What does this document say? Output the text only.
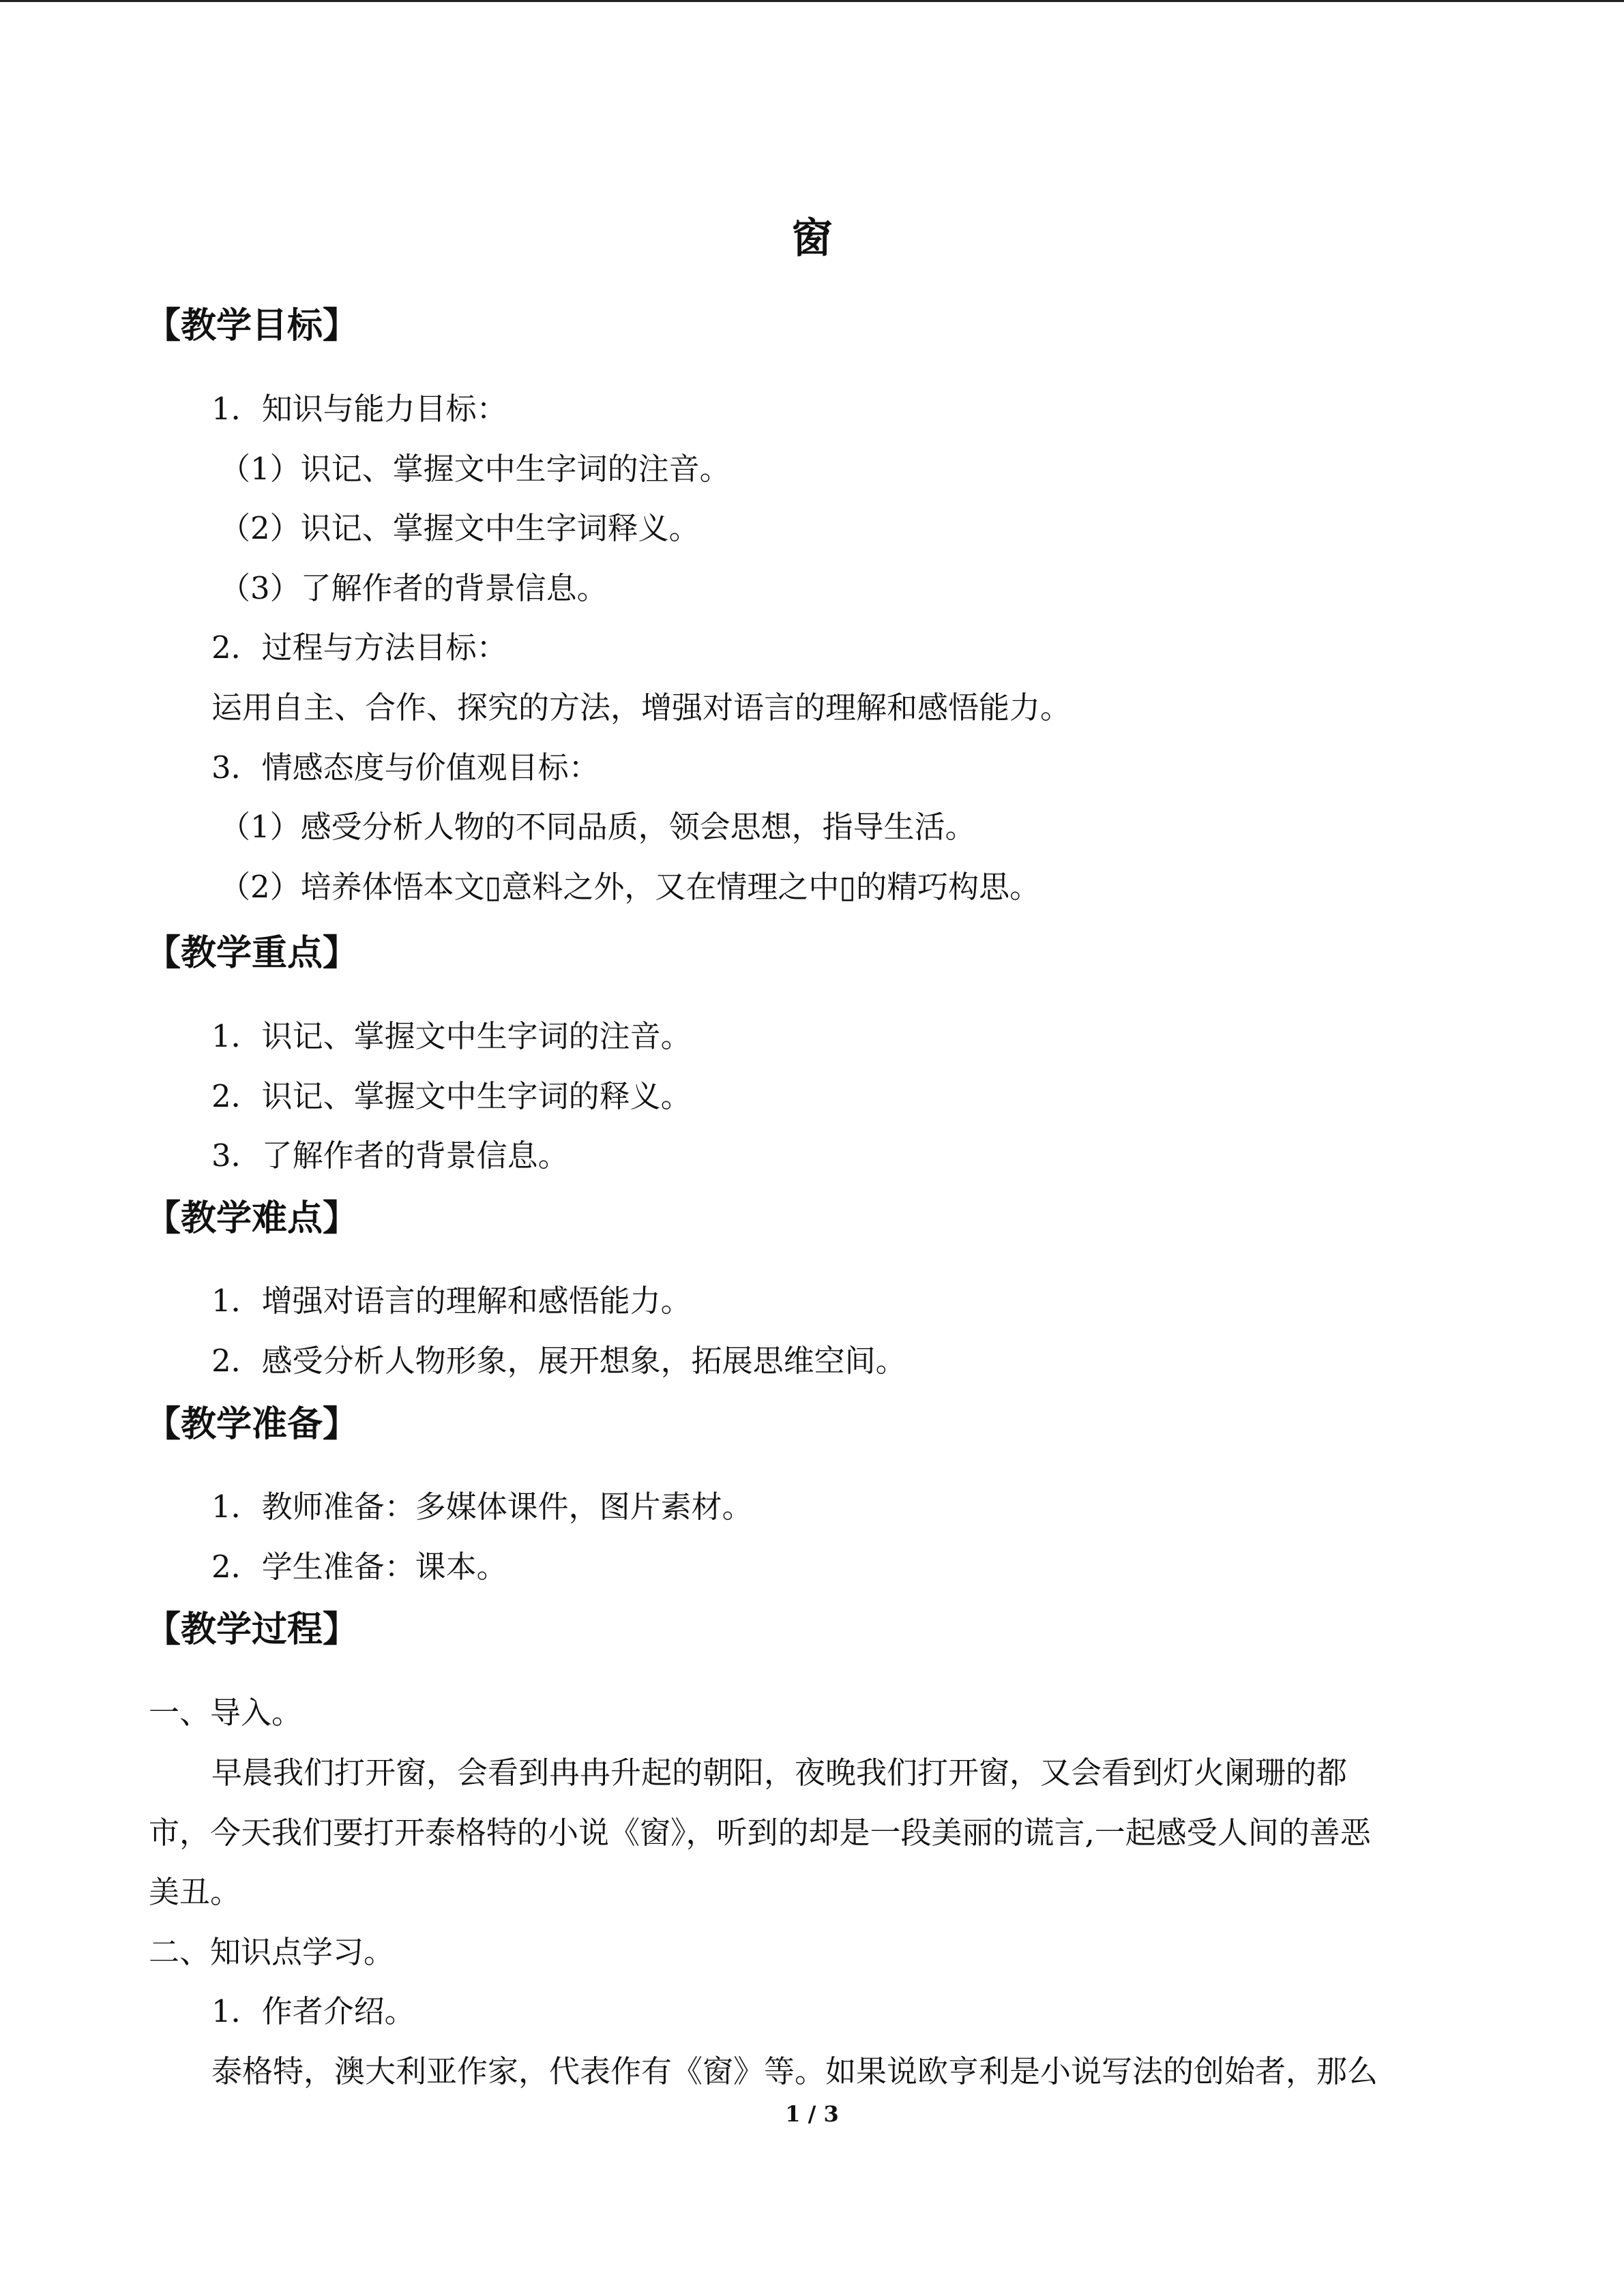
窗
【教学目标】
1．知识与能力目标：
（1）识记、掌握文中生字词的注音。
（2）识记、掌握文中生字词释义。
（3）了解作者的背景信息。
2．过程与方法目标：
运用自主、合作、探究的方法，增强对语言的理解和感悟能力。
3．情感态度与价值观目标：
（1）感受分析人物的不同品质，领会思想，指导生活。
（2）培养体悟本文▯意料之外，又在情理之中▯的精巧构思。
【教学重点】
1．识记、掌握文中生字词的注音。
2．识记、掌握文中生字词的释义。
3．了解作者的背景信息。
【教学难点】
1．增强对语言的理解和感悟能力。
2．感受分析人物形象，展开想象，拓展思维空间。
【教学准备】
1．教师准备：多媒体课件，图片素材。
2．学生准备：课本。
【教学过程】
一、导入。
早晨我们打开窗，会看到冉冉升起的朝阳，夜晚我们打开窗，又会看到灯火阑珊的都
市，今天我们要打开泰格特的小说《窗》，听到的却是一段美丽的谎言,一起感受人间的善恶
美丑。
二、知识点学习。
1．作者介绍。
泰格特，澳大利亚作家，代表作有《窗》等。如果说欧亨利是小说写法的创始者，那么
1 / 3
